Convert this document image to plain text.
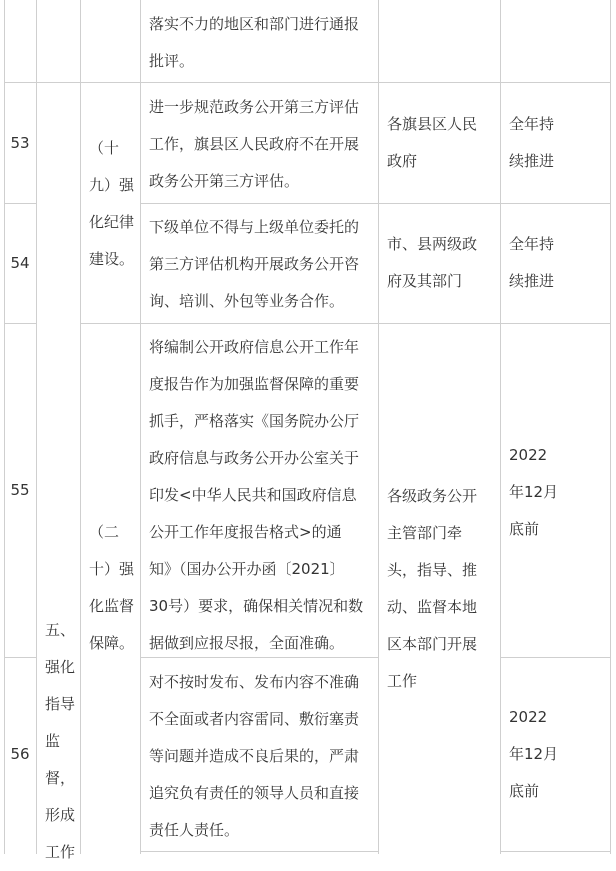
落实不力的地区和部门进行通报
批评。
53
进一步规范政务公开第三方评估
工作，旗县区人民政府不在开展
政务公开第三方评估。
各旗县区人民
政府
全年持
续推进
（十
九）强
化纪律
建设。
54
下级单位不得与上级单位委托的
第三方评估机构开展政务公开咨
询、培训、外包等业务合作。
市、县两级政
府及其部门
全年持
续推进
55
将编制公开政府信息公开工作年
度报告作为加强监督保障的重要
抓手，严格落实《国务院办公厅
政府信息与政务公开办公室关于
印发<中华人民共和国政府信息
公开工作年度报告格式>的通
知》（国办公开办函〔2021〕
30号）要求，确保相关情况和数
据做到应报尽报，全面准确。
2022
年12月
底前
（二
十）强
化监督
保障。
各级政务公开
主管部门牵
头，指导、推
动、监督本地
区本部门开展
工作
五、
强化
指导
监
督，
形成
工作
56
对不按时发布、发布内容不准确
不全面或者内容雷同、敷衍塞责
等问题并造成不良后果的，严肃
追究负有责任的领导人员和直接
责任人责任。
2022
年12月
底前
